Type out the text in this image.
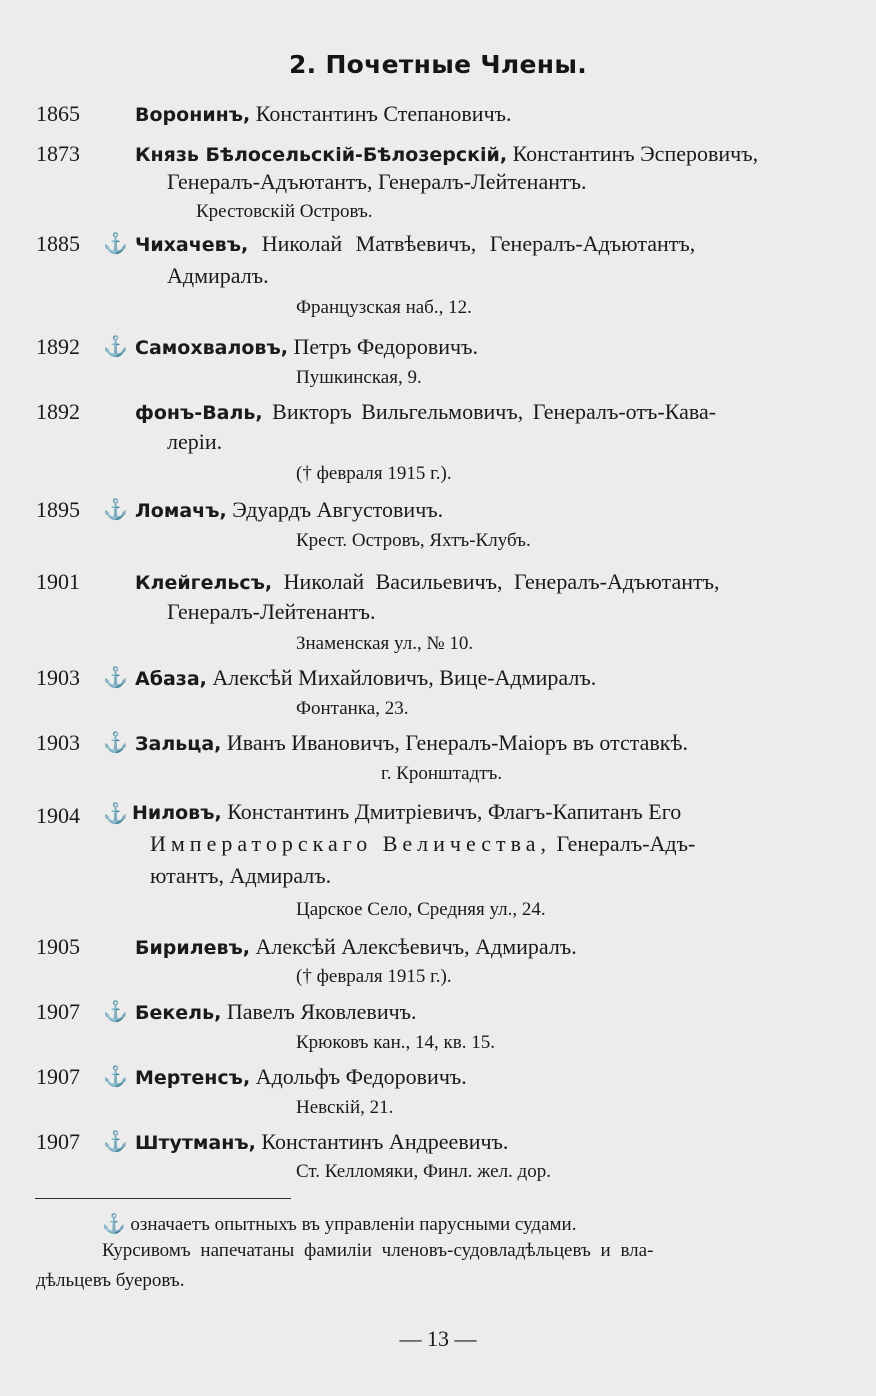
2. Почетные Члены.
1865	Воронинъ, Константинъ Степановичъ.
1873	Князь Бѣлосельскiй-Бѣлозерскiй, Константинъ Эсперовичъ,
Генералъ-Адъютантъ, Генералъ-Лейтенантъ.
Крестовскiй Островъ.
1885 ⚓ Чихачевъ, Николай Матвѣевичъ, Генералъ-Адъютантъ,
Адмиралъ.
Французская наб., 12.
1892 ⚓ Самохваловъ, Петръ Федоровичъ.
Пушкинская, 9.
1892	фонъ-Валь, Викторъ Вильгельмовичъ, Генералъ-отъ-Кава-
лерiи.
(† февраля 1915 г.).
1895 ⚓ Ломачъ, Эдуардъ Августовичъ.
Крест. Островъ, Яхтъ-Клубъ.
1901	Клейгельсъ, Николай Васильевичъ, Генералъ-Адъютантъ,
Генералъ-Лейтенантъ.
Знаменская ул., № 10.
1903 ⚓ Абаза, Алексѣй Михайловичъ, Вице-Адмиралъ.
Фонтанка, 23.
1903 ⚓ Зальца, Иванъ Ивановичъ, Генералъ-Маiоръ въ отставкѣ.
г. Кронштадтъ.
1904 ⚓ Ниловъ, Константинъ Дмитрiевичъ, Флагъ-Капитанъ Его
Императорскаго Величества, Генералъ-Адъ-
ютантъ, Адмиралъ.
Царское Село, Средняя ул., 24.
1905	Бирилевъ, Алексѣй Алексѣевичъ, Адмиралъ.
(† февраля 1915 г.).
1907 ⚓ Бекель, Павелъ Яковлевичъ.
Крюковъ кан., 14, кв. 15.
1907 ⚓ Мертенсъ, Адольфъ Федоровичъ.
Невскiй, 21.
1907 ⚓ Штутманъ, Константинъ Андреевичъ.
Ст. Келломяки, Финл. жел. дор.
⚓ означаетъ опытныхъ въ управленiи парусными судами.
Курсивомъ напечатаны фамилiи членовъ-судовладѣльцевъ и вла-
дѣльцевъ буеровъ.
— 13 —
